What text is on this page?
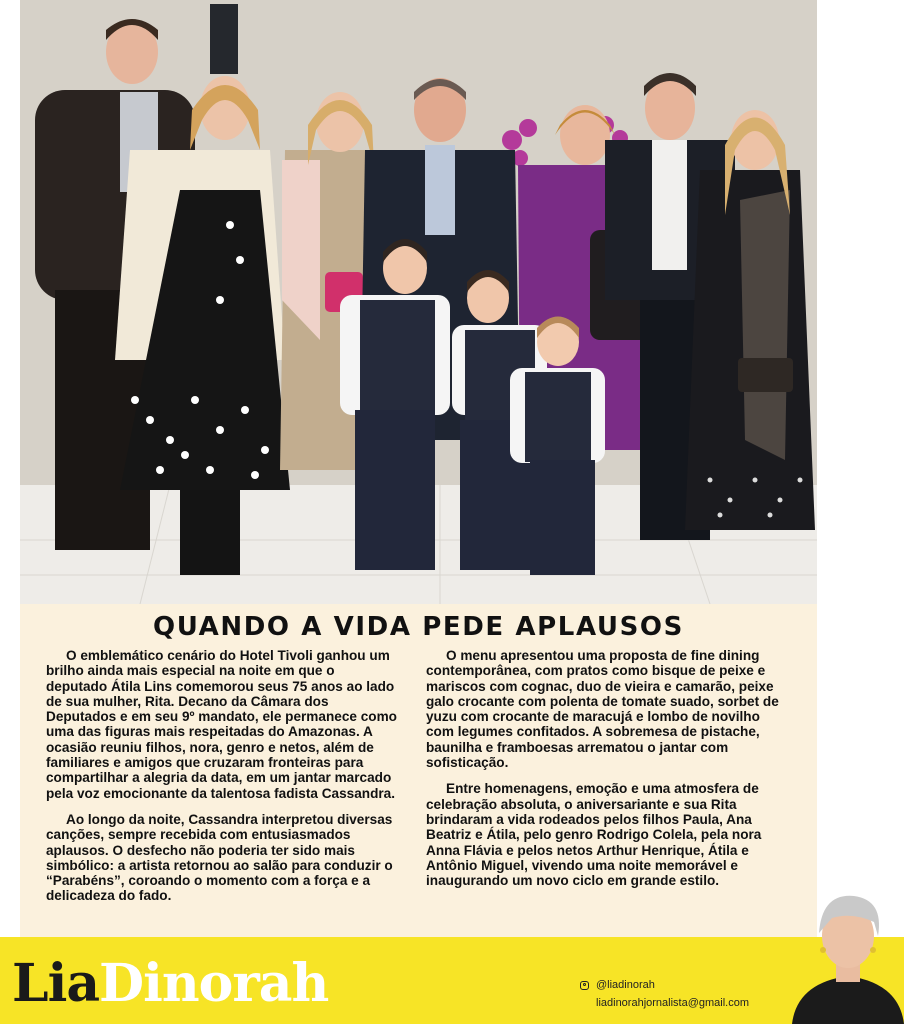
QUANDO A VIDA PEDE APLAUSOS

O emblemático cenário do Hotel Tivoli ganhou um brilho ainda mais especial na noite em que o deputado Átila Lins comemorou seus 75 anos ao lado de sua mulher, Rita. Decano da Câmara dos Deputados e em seu 9º mandato, ele permanece como uma das figuras mais respeitadas do Amazonas. A ocasião reuniu filhos, nora, genro e netos, além de familiares e amigos que cruzaram fronteiras para compartilhar a alegria da data, em um jantar marcado pela voz emocionante da talentosa fadista Cassandra.

Ao longo da noite, Cassandra interpretou diversas canções, sempre recebida com entusiasmados aplausos. O desfecho não poderia ter sido mais simbólico: a artista retornou ao salão para conduzir o “Parabéns”, coroando o momento com a força e a delicadeza do fado.

O menu apresentou uma proposta de fine dining contemporânea, com pratos como bisque de peixe e mariscos com cognac, duo de vieira e camarão, peixe galo crocante com polenta de tomate suado, sorbet de yuzu com crocante de maracujá e lombo de novilho com legumes confitados. A sobremesa de pistache, baunilha e framboesas arrematou o jantar com sofisticação.

Entre homenagens, emoção e uma atmosfera de celebração absoluta, o aniversariante e sua Rita brindaram a vida rodeados pelos filhos Paula, Ana Beatriz e Átila, pelo genro Rodrigo Colela, pela nora Anna Flávia e pelos netos Arthur Henrique, Átila e Antônio Miguel, vivendo uma noite memorável e inaugurando um novo ciclo em grande estilo.

LiaDinorah	@liadinorah
liadinorahjornalista@gmail.com
